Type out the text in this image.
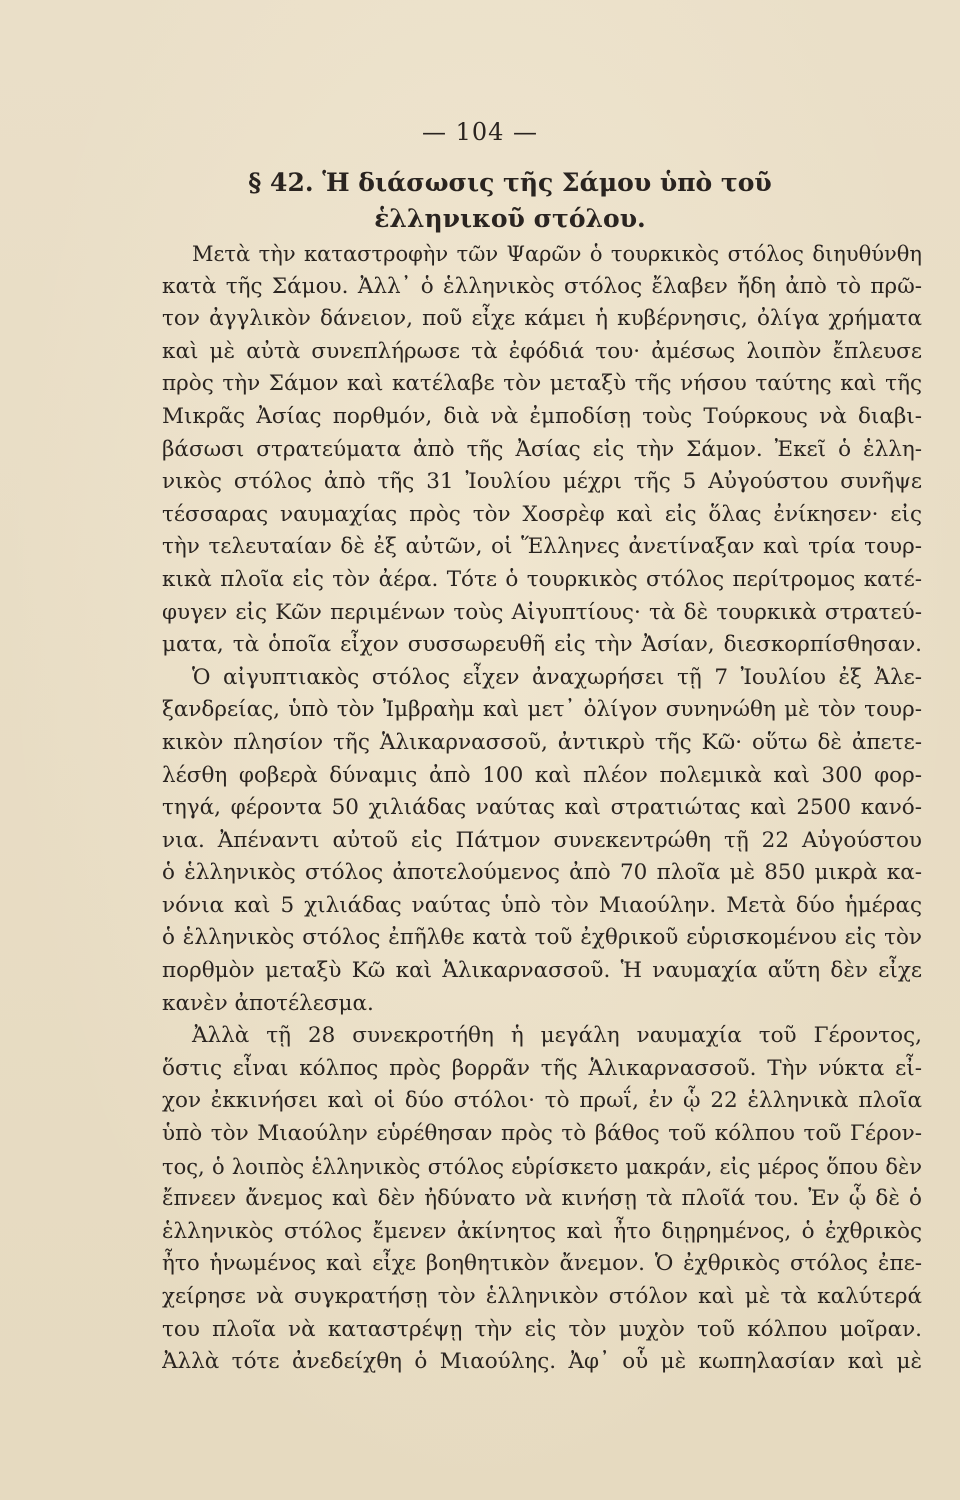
— 104 —
§ 42. Ἡ διάσωσις τῆς Σάμου ὑπὸ τοῦ
ἑλληνικοῦ στόλου.
Μετὰ τὴν καταστροφὴν τῶν Ψαρῶν ὁ τουρκικὸς στόλος διηυθύνθη
κατὰ τῆς Σάμου. Ἀλλ᾽ ὁ ἑλληνικὸς στόλος ἔλαβεν ἤδη ἀπὸ τὸ πρῶ-
τον ἀγγλικὸν δάνειον, ποῦ εἶχε κάμει ἡ κυβέρνησις, ὀλίγα χρήματα
καὶ μὲ αὐτὰ συνεπλήρωσε τὰ ἐφόδιά του· ἀμέσως λοιπὸν ἔπλευσε
πρὸς τὴν Σάμον καὶ κατέλαβε τὸν μεταξὺ τῆς νήσου ταύτης καὶ τῆς
Μικρᾶς Ἀσίας πορθμόν, διὰ νὰ ἐμποδίσῃ τοὺς Τούρκους νὰ διαβι-
βάσωσι στρατεύματα ἀπὸ τῆς Ἀσίας εἰς τὴν Σάμον. Ἐκεῖ ὁ ἑλλη-
νικὸς στόλος ἀπὸ τῆς 31 Ἰουλίου μέχρι τῆς 5 Αὐγούστου συνῆψε
τέσσαρας ναυμαχίας πρὸς τὸν Χοσρὲφ καὶ εἰς ὅλας ἐνίκησεν· εἰς
τὴν τελευταίαν δὲ ἐξ αὐτῶν, οἱ Ἕλληνες ἀνετίναξαν καὶ τρία τουρ-
κικὰ πλοῖα εἰς τὸν ἀέρα. Τότε ὁ τουρκικὸς στόλος περίτρομος κατέ-
φυγεν εἰς Κῶν περιμένων τοὺς Αἰγυπτίους· τὰ δὲ τουρκικὰ στρατεύ-
ματα, τὰ ὁποῖα εἶχον συσσωρευθῆ εἰς τὴν Ἀσίαν, διεσκορπίσθησαν.
Ὁ αἰγυπτιακὸς στόλος εἶχεν ἀναχωρήσει τῇ 7 Ἰουλίου ἐξ Ἀλε-
ξανδρείας, ὑπὸ τὸν Ἰμβραὴμ καὶ μετ᾽ ὀλίγον συνηνώθη μὲ τὸν τουρ-
κικὸν πλησίον τῆς Ἁλικαρνασσοῦ, ἀντικρὺ τῆς Κῶ· οὕτω δὲ ἀπετε-
λέσθη φοβερὰ δύναμις ἀπὸ 100 καὶ πλέον πολεμικὰ καὶ 300 φορ-
τηγά, φέροντα 50 χιλιάδας ναύτας καὶ στρατιώτας καὶ 2500 κανό-
νια. Ἀπέναντι αὐτοῦ εἰς Πάτμον συνεκεντρώθη τῇ 22 Αὐγούστου
ὁ ἑλληνικὸς στόλος ἀποτελούμενος ἀπὸ 70 πλοῖα μὲ 850 μικρὰ κα-
νόνια καὶ 5 χιλιάδας ναύτας ὑπὸ τὸν Μιαούλην. Μετὰ δύο ἡμέρας
ὁ ἑλληνικὸς στόλος ἐπῆλθε κατὰ τοῦ ἐχθρικοῦ εὑρισκομένου εἰς τὸν
πορθμὸν μεταξὺ Κῶ καὶ Ἁλικαρνασσοῦ. Ἡ ναυμαχία αὕτη δὲν εἶχε
κανὲν ἀποτέλεσμα.
Ἀλλὰ τῇ 28 συνεκροτήθη ἡ μεγάλη ναυμαχία τοῦ Γέροντος,
ὅστις εἶναι κόλπος πρὸς βορρᾶν τῆς Ἁλικαρνασσοῦ. Τὴν νύκτα εἶ-
χον ἐκκινήσει καὶ οἱ δύο στόλοι· τὸ πρωΐ, ἐν ᾧ 22 ἑλληνικὰ πλοῖα
ὑπὸ τὸν Μιαούλην εὑρέθησαν πρὸς τὸ βάθος τοῦ κόλπου τοῦ Γέρον-
τος, ὁ λοιπὸς ἑλληνικὸς στόλος εὑρίσκετο μακράν, εἰς μέρος ὅπου δὲν
ἔπνεεν ἄνεμος καὶ δὲν ἠδύνατο νὰ κινήσῃ τὰ πλοῖά του. Ἐν ᾧ δὲ ὁ
ἑλληνικὸς στόλος ἔμενεν ἀκίνητος καὶ ἦτο διῃρημένος, ὁ ἐχθρικὸς
ἦτο ἡνωμένος καὶ εἶχε βοηθητικὸν ἄνεμον. Ὁ ἐχθρικὸς στόλος ἐπε-
χείρησε νὰ συγκρατήσῃ τὸν ἑλληνικὸν στόλον καὶ μὲ τὰ καλύτερά
του πλοῖα νὰ καταστρέψῃ τὴν εἰς τὸν μυχὸν τοῦ κόλπου μοῖραν.
Ἀλλὰ τότε ἀνεδείχθη ὁ Μιαούλης. Ἀφ᾽ οὗ μὲ κωπηλασίαν καὶ μὲ
